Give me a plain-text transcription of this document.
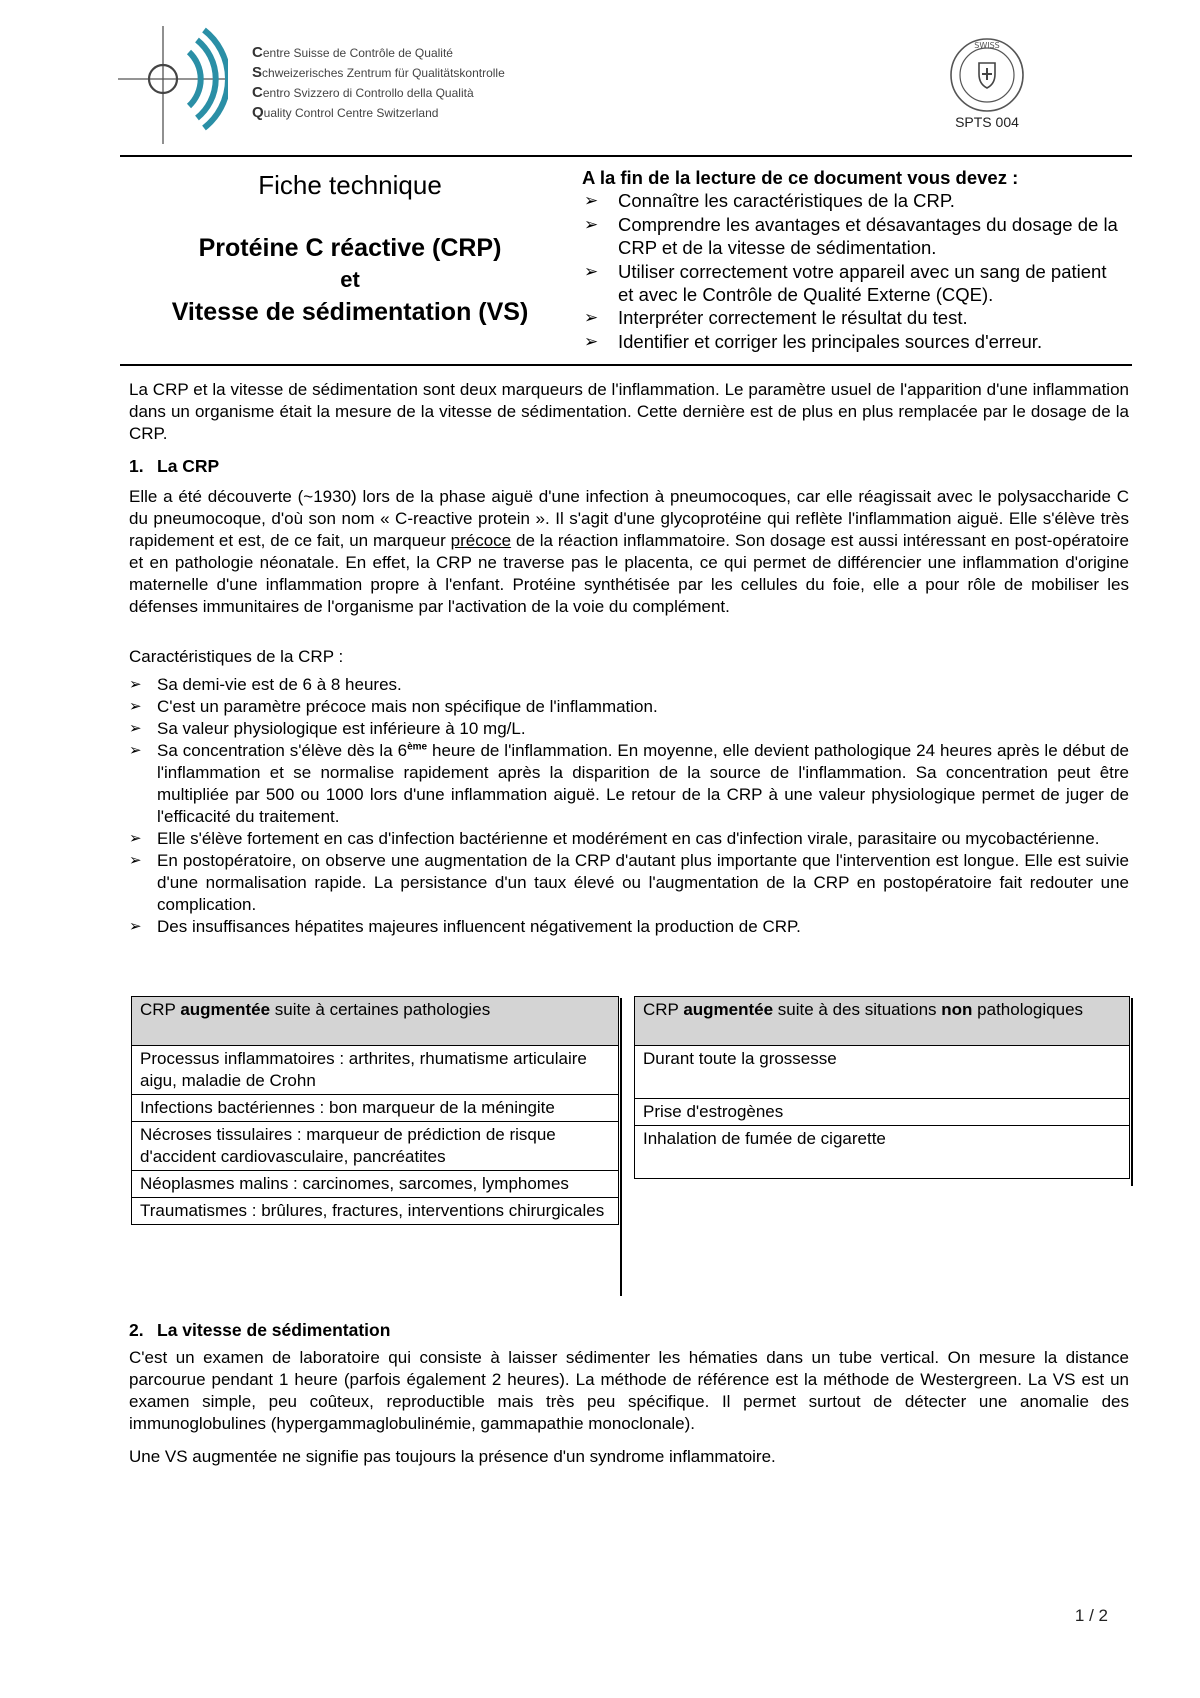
Centre Suisse de Contrôle de Qualité
Schweizerisches Zentrum für Qualitätskontrolle
Centro Svizzero di Controllo della Qualità
Quality Control Centre Switzerland
SWISS
SPTS 004
Fiche technique
Protéine C réactive (CRP)
et
Vitesse de sédimentation (VS)
A la fin de la lecture de ce document vous devez :
➢ Connaître les caractéristiques de la CRP.
➢ Comprendre les avantages et désavantages du dosage de la CRP et de la vitesse de sédimentation.
➢ Utiliser correctement votre appareil avec un sang de patient et avec le Contrôle de Qualité Externe (CQE).
➢ Interpréter correctement le résultat du test.
➢ Identifier et corriger les principales sources d'erreur.
La CRP et la vitesse de sédimentation sont deux marqueurs de l'inflammation. Le paramètre usuel de l'apparition d'une inflammation dans un organisme était la mesure de la vitesse de sédimentation. Cette dernière est de plus en plus remplacée par le dosage de la CRP.
1. La CRP
Elle a été découverte (~1930) lors de la phase aiguë d'une infection à pneumocoques, car elle réagissait avec le polysaccharide C du pneumocoque, d'où son nom « C-reactive protein ». Il s'agit d'une glycoprotéine qui reflète l'inflammation aiguë. Elle s'élève très rapidement et est, de ce fait, un marqueur précoce de la réaction inflammatoire. Son dosage est aussi intéressant en post-opératoire et en pathologie néonatale. En effet, la CRP ne traverse pas le placenta, ce qui permet de différencier une inflammation d'origine maternelle d'une inflammation propre à l'enfant. Protéine synthétisée par les cellules du foie, elle a pour rôle de mobiliser les défenses immunitaires de l'organisme par l'activation de la voie du complément.
Caractéristiques de la CRP :
➢ Sa demi-vie est de 6 à 8 heures.
➢ C'est un paramètre précoce mais non spécifique de l'inflammation.
➢ Sa valeur physiologique est inférieure à 10 mg/L.
➢ Sa concentration s'élève dès la 6ème heure de l'inflammation. En moyenne, elle devient pathologique 24 heures après le début de l'inflammation et se normalise rapidement après la disparition de la source de l'inflammation. Sa concentration peut être multipliée par 500 ou 1000 lors d'une inflammation aiguë. Le retour de la CRP à une valeur physiologique permet de juger de l'efficacité du traitement.
➢ Elle s'élève fortement en cas d'infection bactérienne et modérément en cas d'infection virale, parasitaire ou mycobactérienne.
➢ En postopératoire, on observe une augmentation de la CRP d'autant plus importante que l'intervention est longue. Elle est suivie d'une normalisation rapide. La persistance d'un taux élevé ou l'augmentation de la CRP en postopératoire fait redouter une complication.
➢ Des insuffisances hépatites majeures influencent négativement la production de CRP.
CRP augmentée suite à certaines pathologies
Processus inflammatoires : arthrites, rhumatisme articulaire aigu, maladie de Crohn
Infections bactériennes : bon marqueur de la méningite
Nécroses tissulaires : marqueur de prédiction de risque d'accident cardiovasculaire, pancréatites
Néoplasmes malins : carcinomes, sarcomes, lymphomes
Traumatismes : brûlures, fractures, interventions chirurgicales
CRP augmentée suite à des situations non pathologiques
Durant toute la grossesse
Prise d'estrogènes
Inhalation de fumée de cigarette
2. La vitesse de sédimentation
C'est un examen de laboratoire qui consiste à laisser sédimenter les hématies dans un tube vertical. On mesure la distance parcourue pendant 1 heure (parfois également 2 heures). La méthode de référence est la méthode de Westergreen. La VS est un examen simple, peu coûteux, reproductible mais très peu spécifique. Il permet surtout de détecter une anomalie des immunoglobulines (hypergammaglobulinémie, gammapathie monoclonale).
Une VS augmentée ne signifie pas toujours la présence d'un syndrome inflammatoire.
1 / 2
